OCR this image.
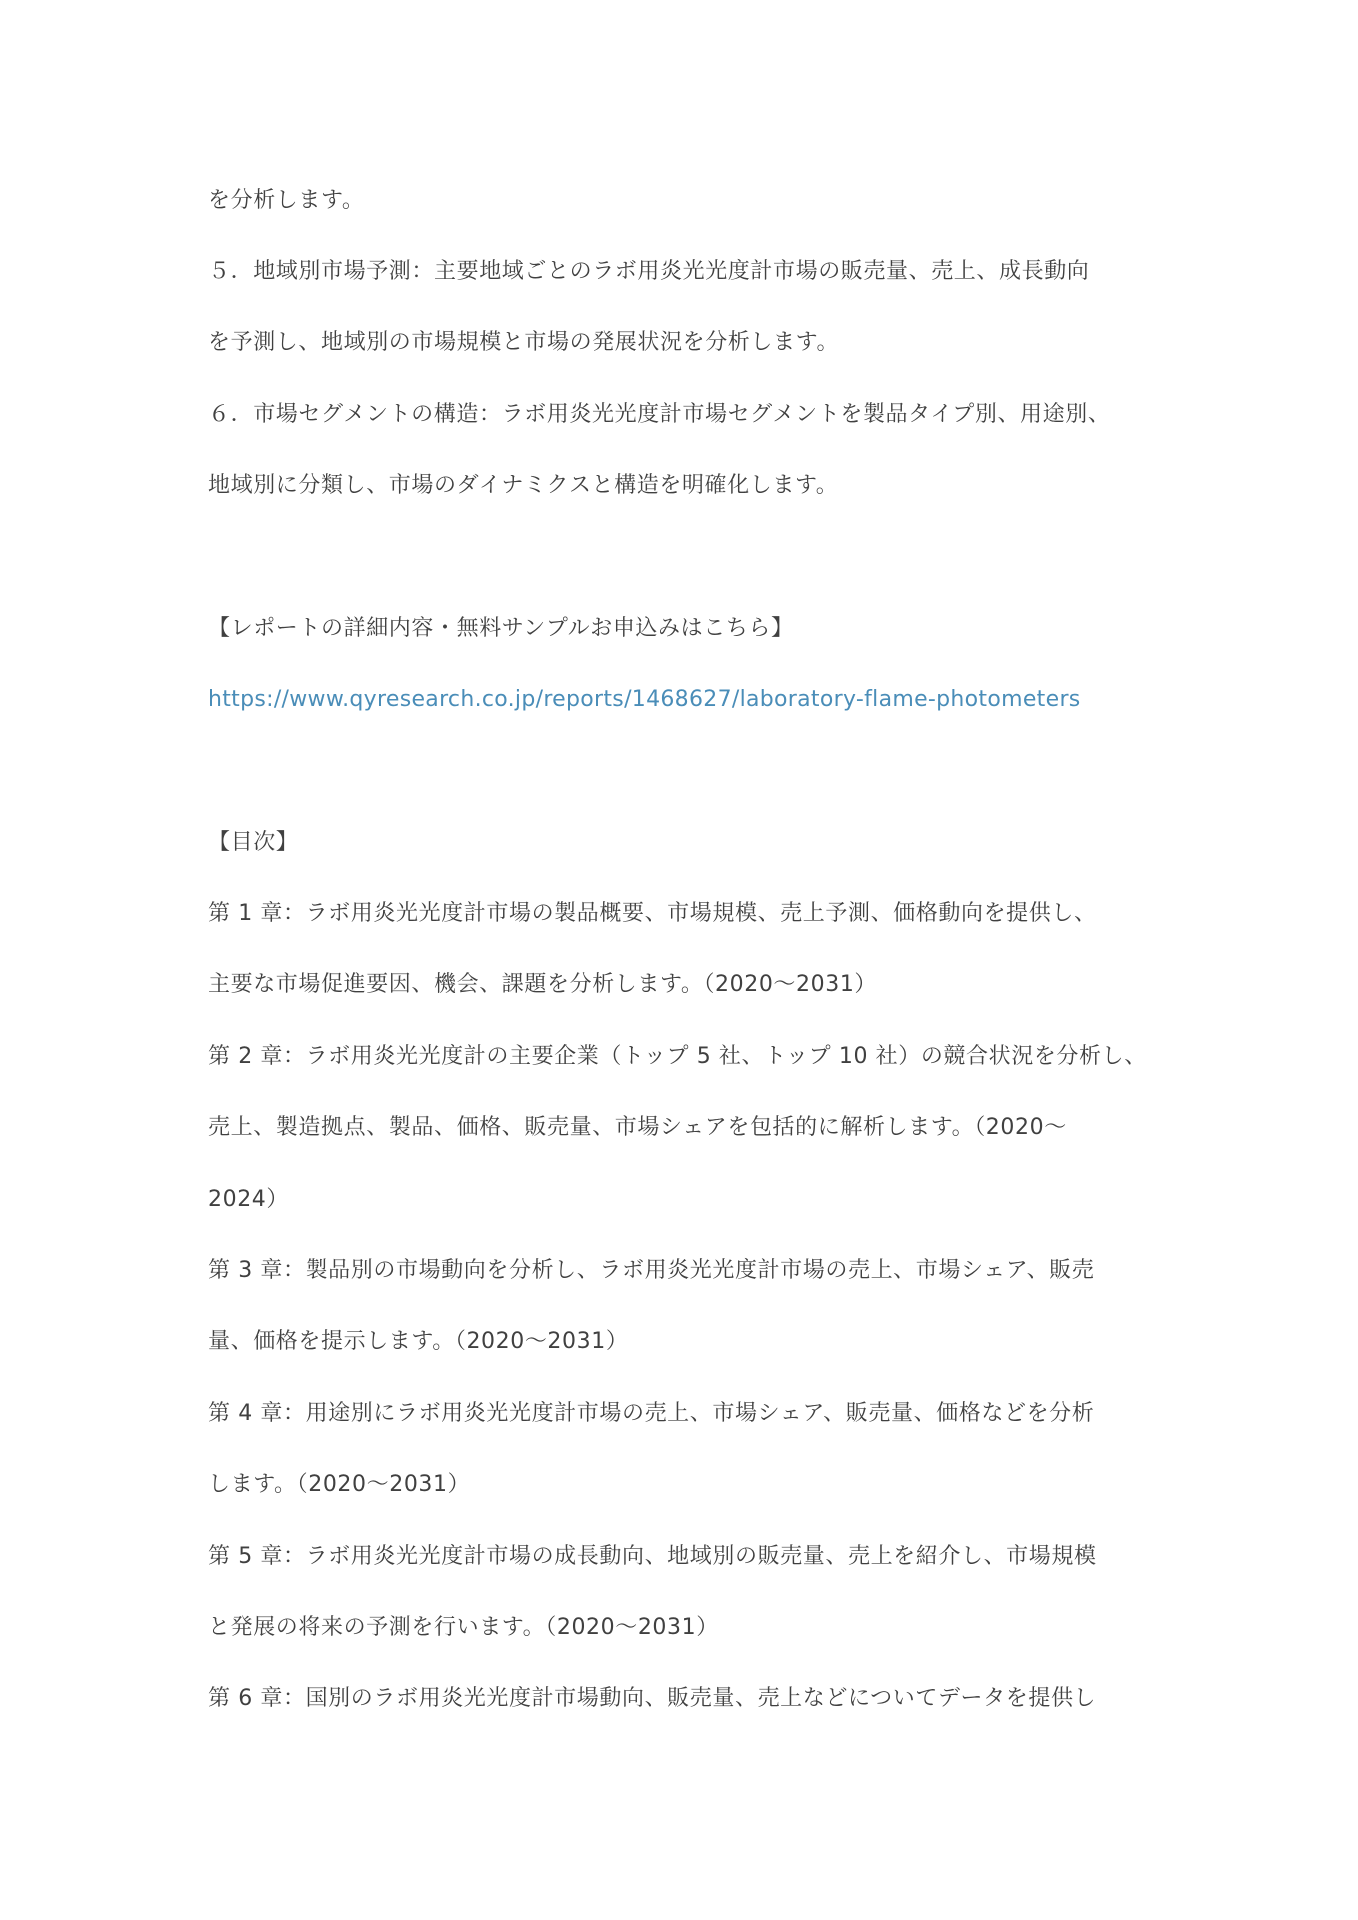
を分析します。
５．地域別市場予測：主要地域ごとのラボ用炎光光度計市場の販売量、売上、成長動向
を予測し、地域別の市場規模と市場の発展状況を分析します。
６．市場セグメントの構造：ラボ用炎光光度計市場セグメントを製品タイプ別、用途別、
地域別に分類し、市場のダイナミクスと構造を明確化します。
【レポートの詳細内容・無料サンプルお申込みはこちら】
https://www.qyresearch.co.jp/reports/1468627/laboratory-flame-photometers
【目次】
第 1 章：ラボ用炎光光度計市場の製品概要、市場規模、売上予測、価格動向を提供し、
主要な市場促進要因、機会、課題を分析します。（2020～2031）
第 2 章：ラボ用炎光光度計の主要企業（トップ 5 社、トップ 10 社）の競合状況を分析し、
売上、製造拠点、製品、価格、販売量、市場シェアを包括的に解析します。（2020～
2024）
第 3 章：製品別の市場動向を分析し、ラボ用炎光光度計市場の売上、市場シェア、販売
量、価格を提示します。（2020～2031）
第 4 章：用途別にラボ用炎光光度計市場の売上、市場シェア、販売量、価格などを分析
します。（2020～2031）
第 5 章：ラボ用炎光光度計市場の成長動向、地域別の販売量、売上を紹介し、市場規模
と発展の将来の予測を行います。（2020～2031）
第 6 章：国別のラボ用炎光光度計市場動向、販売量、売上などについてデータを提供し
